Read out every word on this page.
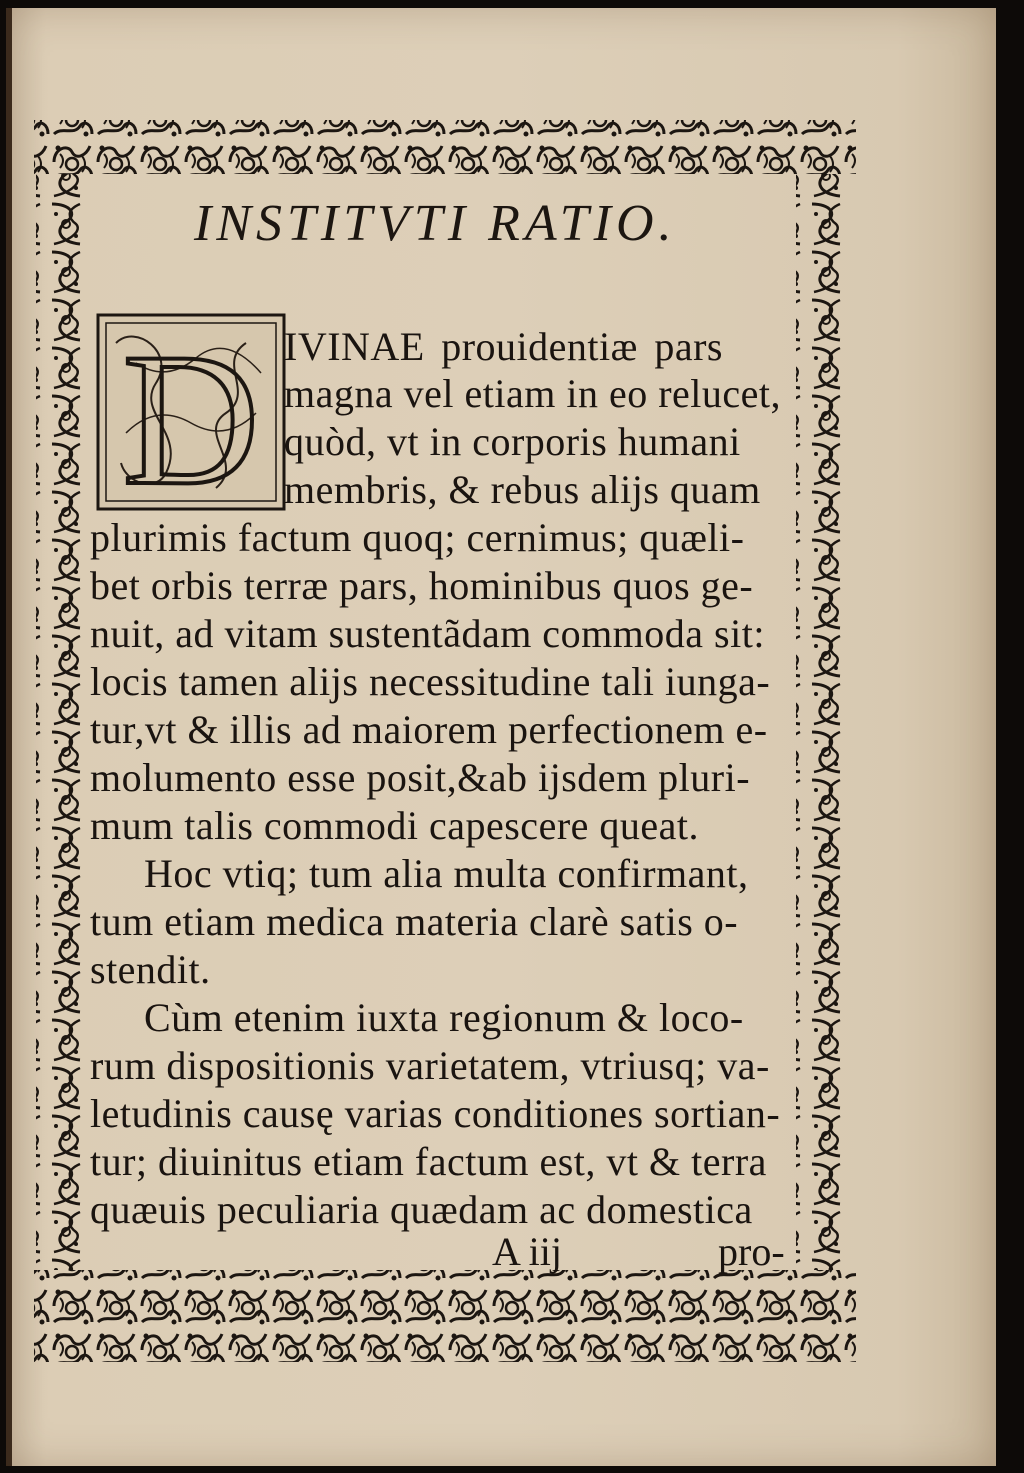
INSTITVTI RATIO.
D IVINAE prouidentiæ pars
magna vel etiam in eo relucet,
quòd, vt in corporis humani
membris, & rebus alijs quam
plurimis factum quoq; cernimus; quæli-
bet orbis terræ pars, hominibus quos ge-
nuit, ad vitam sustentãdam commoda sit:
locis tamen alijs necessitudine tali iunga-
tur,vt & illis ad maiorem perfectionem e-
molumento esse posit,&ab ijsdem pluri-
mum talis commodi capescere queat.
Hoc vtiq; tum alia multa confirmant,
tum etiam medica materia clarè satis o-
stendit.
Cùm etenim iuxta regionum & loco-
rum dispositionis varietatem, vtriusq; va-
letudinis causę varias conditiones sortian-
tur; diuinitus etiam factum est, vt & terra
quæuis peculiaria quædam ac domestica
A iij	pro-
